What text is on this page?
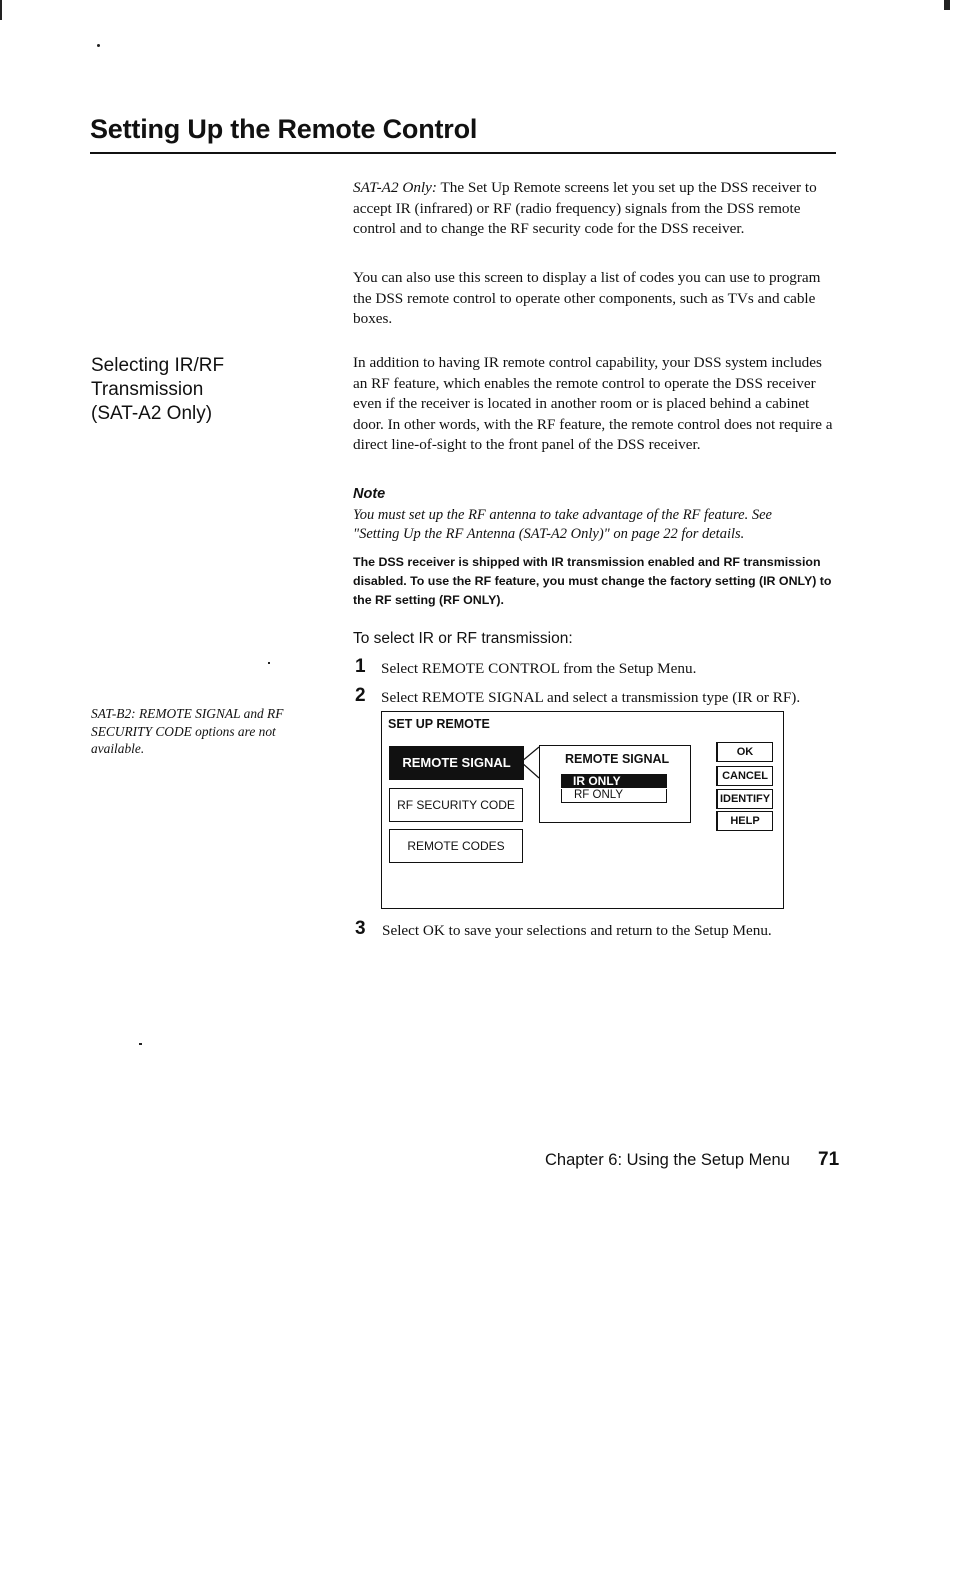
Setting Up the Remote Control
SAT-A2 Only: The Set Up Remote screens let you set up the DSS receiver to accept IR (infrared) or RF (radio frequency) signals from the DSS remote control and to change the RF security code for the DSS receiver.
You can also use this screen to display a list of codes you can use to program the DSS remote control to operate other components, such as TVs and cable boxes.
Selecting IR/RF Transmission
(SAT-A2 Only)
In addition to having IR remote control capability, your DSS system includes an RF feature, which enables the remote control to operate the DSS receiver even if the receiver is located in another room or is placed behind a cabinet door. In other words, with the RF feature, the remote control does not require a direct line-of-sight to the front panel of the DSS receiver.
Note
You must set up the RF antenna to take advantage of the RF feature. See
"Setting Up the RF Antenna (SAT-A2 Only)" on page 22 for details.
The DSS receiver is shipped with IR transmission enabled and RF transmission disabled. To use the RF feature, you must change the factory setting (IR ONLY) to the RF setting (RF ONLY).
SAT-B2: REMOTE SIGNAL and RF SECURITY CODE options are not available.
To select IR or RF transmission:
1 Select REMOTE CONTROL from the Setup Menu.
2 Select REMOTE SIGNAL and select a transmission type (IR or RF).
SET UP REMOTE
REMOTE SIGNAL
RF SECURITY CODE
REMOTE CODES
REMOTE SIGNAL
IR ONLY
RF ONLY
OK
CANCEL
IDENTIFY
HELP
3 Select OK to save your selections and return to the Setup Menu.
Chapter 6: Using the Setup Menu 71
